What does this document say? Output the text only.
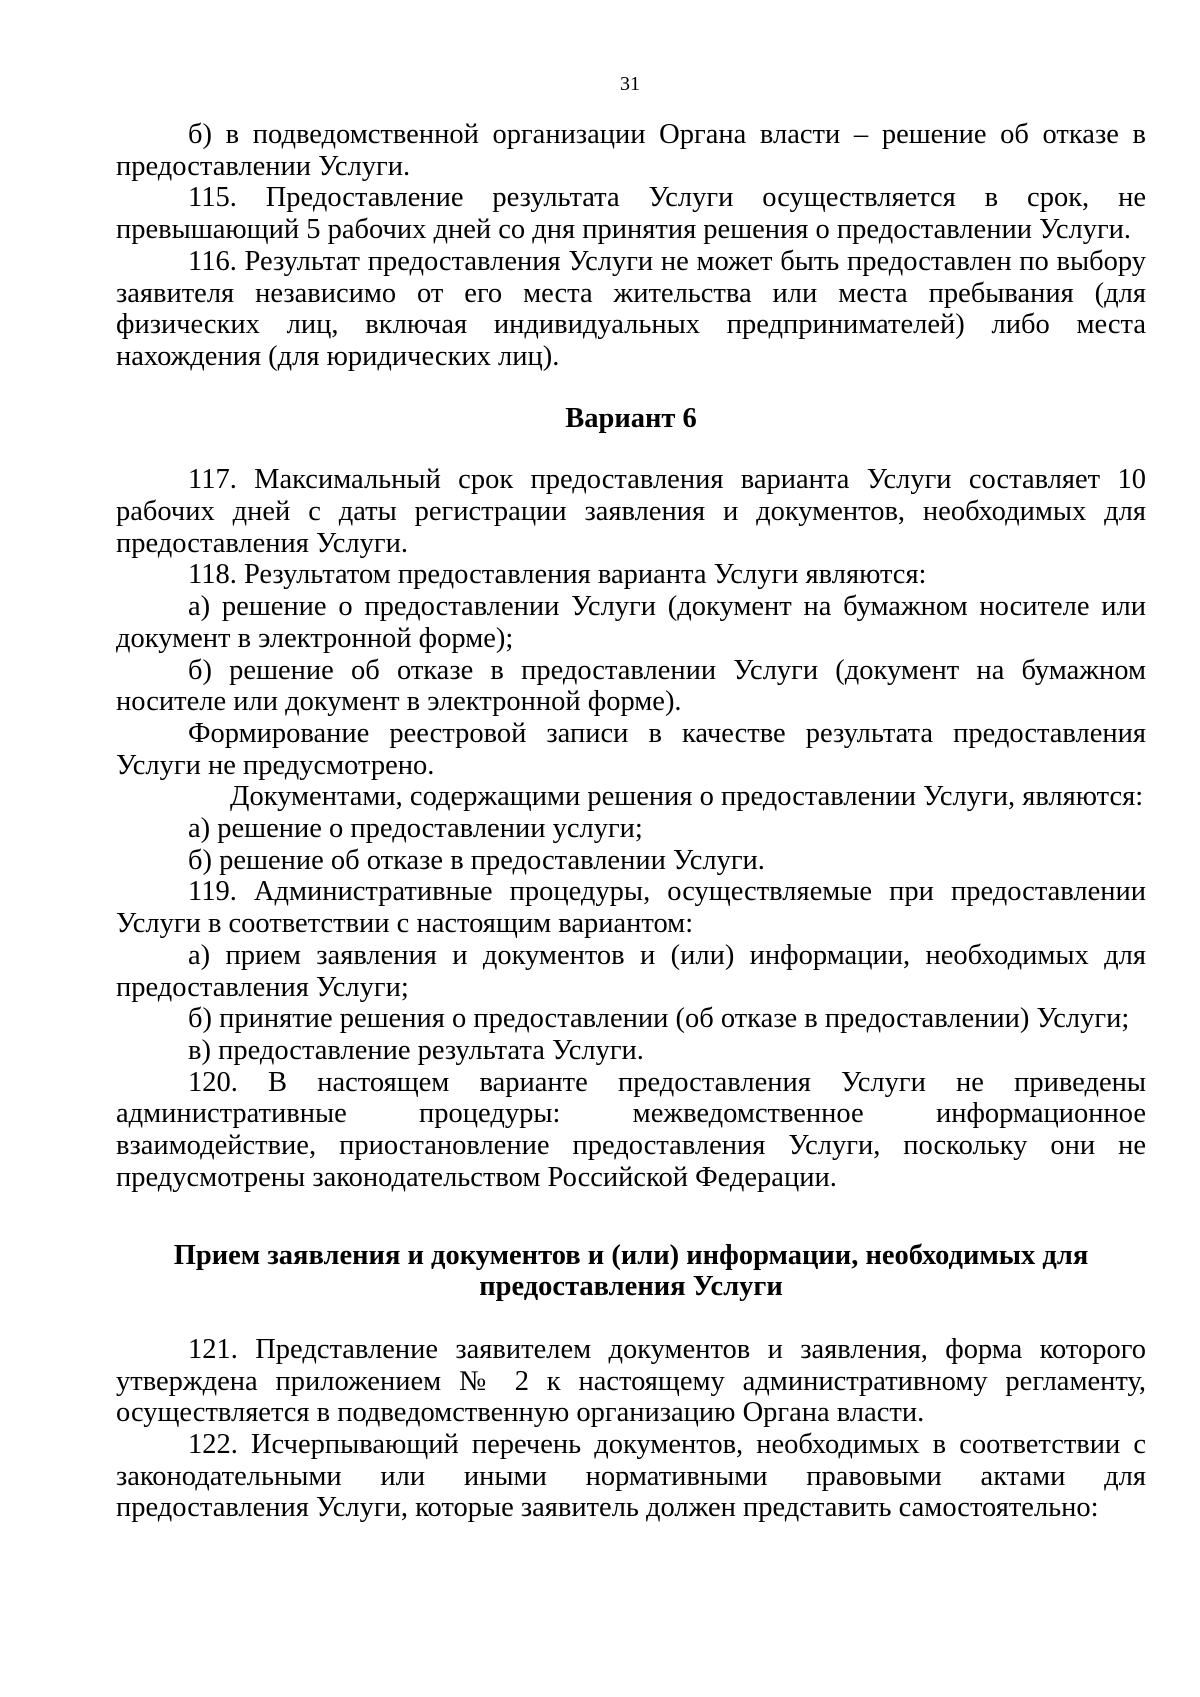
31

б) в подведомственной организации Органа власти – решение об отказе в предоставлении Услуги.

115. Предоставление результата Услуги осуществляется в срок, не превышающий 5 рабочих дней со дня принятия решения о предоставлении Услуги.

116. Результат предоставления Услуги не может быть предоставлен по выбору заявителя независимо от его места жительства или места пребывания (для физических лиц, включая индивидуальных предпринимателей) либо места нахождения (для юридических лиц).

Вариант 6

117. Максимальный срок предоставления варианта Услуги составляет 10 рабочих дней с даты регистрации заявления и документов, необходимых для предоставления Услуги.

118. Результатом предоставления варианта Услуги являются:

а) решение о предоставлении Услуги (документ на бумажном носителе или документ в электронной форме);

б) решение об отказе в предоставлении Услуги (документ на бумажном носителе или документ в электронной форме).

Формирование реестровой записи в качестве результата предоставления Услуги не предусмотрено.

Документами, содержащими решения о предоставлении Услуги, являются:

а) решение о предоставлении услуги;

б) решение об отказе в предоставлении Услуги.

119. Административные процедуры, осуществляемые при предоставлении Услуги в соответствии с настоящим вариантом:

а) прием заявления и документов и (или) информации, необходимых для предоставления Услуги;

б) принятие решения о предоставлении (об отказе в предоставлении) Услуги;

в) предоставление результата Услуги.

120. В настоящем варианте предоставления Услуги не приведены административные процедуры: межведомственное информационное взаимодействие, приостановление предоставления Услуги, поскольку они не предусмотрены законодательством Российской Федерации.

Прием заявления и документов и (или) информации, необходимых для предоставления Услуги

121. Представление заявителем документов и заявления, форма которого утверждена приложением № 2 к настоящему административному регламенту, осуществляется в подведомственную организацию Органа власти.

122. Исчерпывающий перечень документов, необходимых в соответствии с законодательными или иными нормативными правовыми актами для предоставления Услуги, которые заявитель должен представить самостоятельно:
